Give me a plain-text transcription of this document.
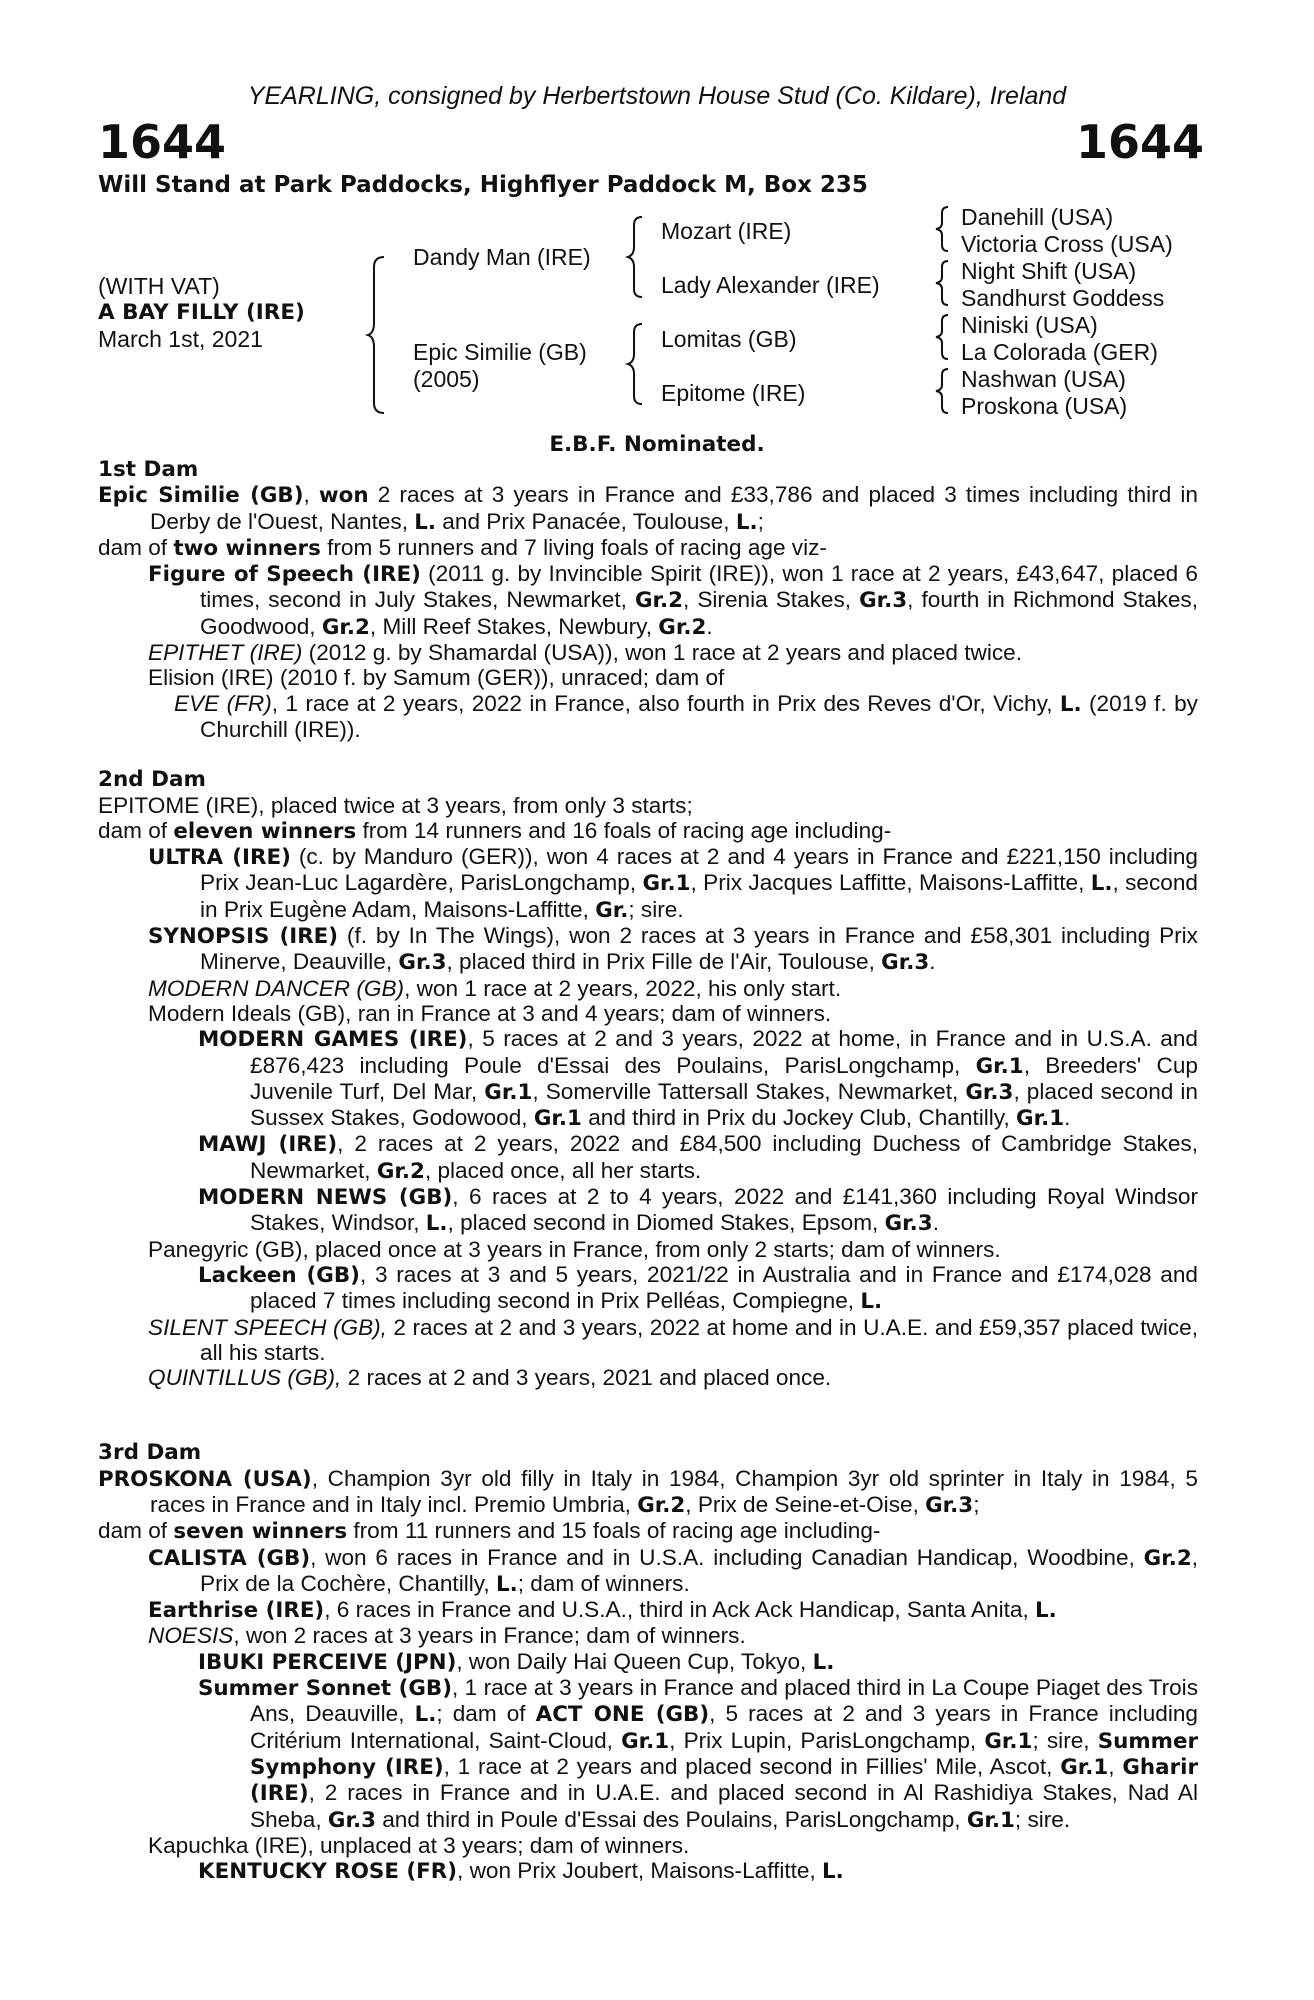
YEARLING, consigned by Herbertstown House Stud (Co. Kildare), Ireland
1644	1644
Will Stand at Park Paddocks, Highflyer Paddock M, Box 235
(WITH VAT)
A BAY FILLY (IRE)
March 1st, 2021
Dandy Man (IRE)
Epic Similie (GB)
(2005)
Mozart (IRE)
Lady Alexander (IRE)
Lomitas (GB)
Epitome (IRE)
Danehill (USA)
Victoria Cross (USA)
Night Shift (USA)
Sandhurst Goddess
Niniski (USA)
La Colorada (GER)
Nashwan (USA)
Proskona (USA)
E.B.F. Nominated.
1st Dam

Epic Similie (GB), won 2 races at 3 years in France and £33,786 and placed 3 times including third in Derby de l'Ouest, Nantes, L. and Prix Panacée, Toulouse, L.;

dam of two winners from 5 runners and 7 living foals of racing age viz-

Figure of Speech (IRE) (2011 g. by Invincible Spirit (IRE)), won 1 race at 2 years, £43,647, placed 6 times, second in July Stakes, Newmarket, Gr.2, Sirenia Stakes, Gr.3, fourth in Richmond Stakes, Goodwood, Gr.2, Mill Reef Stakes, Newbury, Gr.2.

EPITHET (IRE) (2012 g. by Shamardal (USA)), won 1 race at 2 years and placed twice.

Elision (IRE) (2010 f. by Samum (GER)), unraced; dam of

EVE (FR), 1 race at 2 years, 2022 in France, also fourth in Prix des Reves d'Or, Vichy, L. (2019 f. by Churchill (IRE)).

2nd Dam

EPITOME (IRE), placed twice at 3 years, from only 3 starts;

dam of eleven winners from 14 runners and 16 foals of racing age including-

ULTRA (IRE) (c. by Manduro (GER)), won 4 races at 2 and 4 years in France and £221,150 including Prix Jean-Luc Lagardère, ParisLongchamp, Gr.1, Prix Jacques Laffitte, Maisons-Laffitte, L., second in Prix Eugène Adam, Maisons-Laffitte, Gr.; sire.

SYNOPSIS (IRE) (f. by In The Wings), won 2 races at 3 years in France and £58,301 including Prix Minerve, Deauville, Gr.3, placed third in Prix Fille de l'Air, Toulouse, Gr.3.

MODERN DANCER (GB), won 1 race at 2 years, 2022, his only start.

Modern Ideals (GB), ran in France at 3 and 4 years; dam of winners.

MODERN GAMES (IRE), 5 races at 2 and 3 years, 2022 at home, in France and in U.S.A. and £876,423 including Poule d'Essai des Poulains, ParisLongchamp, Gr.1, Breeders' Cup Juvenile Turf, Del Mar, Gr.1, Somerville Tattersall Stakes, Newmarket, Gr.3, placed second in Sussex Stakes, Godowood, Gr.1 and third in Prix du Jockey Club, Chantilly, Gr.1.

MAWJ (IRE), 2 races at 2 years, 2022 and £84,500 including Duchess of Cambridge Stakes, Newmarket, Gr.2, placed once, all her starts.

MODERN NEWS (GB), 6 races at 2 to 4 years, 2022 and £141,360 including Royal Windsor Stakes, Windsor, L., placed second in Diomed Stakes, Epsom, Gr.3.

Panegyric (GB), placed once at 3 years in France, from only 2 starts; dam of winners.

Lackeen (GB), 3 races at 3 and 5 years, 2021/22 in Australia and in France and £174,028 and placed 7 times including second in Prix Pelléas, Compiegne, L.

SILENT SPEECH (GB), 2 races at 2 and 3 years, 2022 at home and in U.A.E. and £59,357 placed twice, all his starts.

QUINTILLUS (GB), 2 races at 2 and 3 years, 2021 and placed once.

3rd Dam

PROSKONA (USA), Champion 3yr old filly in Italy in 1984, Champion 3yr old sprinter in Italy in 1984, 5 races in France and in Italy incl. Premio Umbria, Gr.2, Prix de Seine-et-Oise, Gr.3;

dam of seven winners from 11 runners and 15 foals of racing age including-

CALISTA (GB), won 6 races in France and in U.S.A. including Canadian Handicap, Woodbine, Gr.2, Prix de la Cochère, Chantilly, L.; dam of winners.

Earthrise (IRE), 6 races in France and U.S.A., third in Ack Ack Handicap, Santa Anita, L.

NOESIS, won 2 races at 3 years in France; dam of winners.

IBUKI PERCEIVE (JPN), won Daily Hai Queen Cup, Tokyo, L.

Summer Sonnet (GB), 1 race at 3 years in France and placed third in La Coupe Piaget des Trois Ans, Deauville, L.; dam of ACT ONE (GB), 5 races at 2 and 3 years in France including Critérium International, Saint-Cloud, Gr.1, Prix Lupin, ParisLongchamp, Gr.1; sire, Summer Symphony (IRE), 1 race at 2 years and placed second in Fillies' Mile, Ascot, Gr.1, Gharir (IRE), 2 races in France and in U.A.E. and placed second in Al Rashidiya Stakes, Nad Al Sheba, Gr.3 and third in Poule d'Essai des Poulains, ParisLongchamp, Gr.1; sire.

Kapuchka (IRE), unplaced at 3 years; dam of winners.

KENTUCKY ROSE (FR), won Prix Joubert, Maisons-Laffitte, L.
